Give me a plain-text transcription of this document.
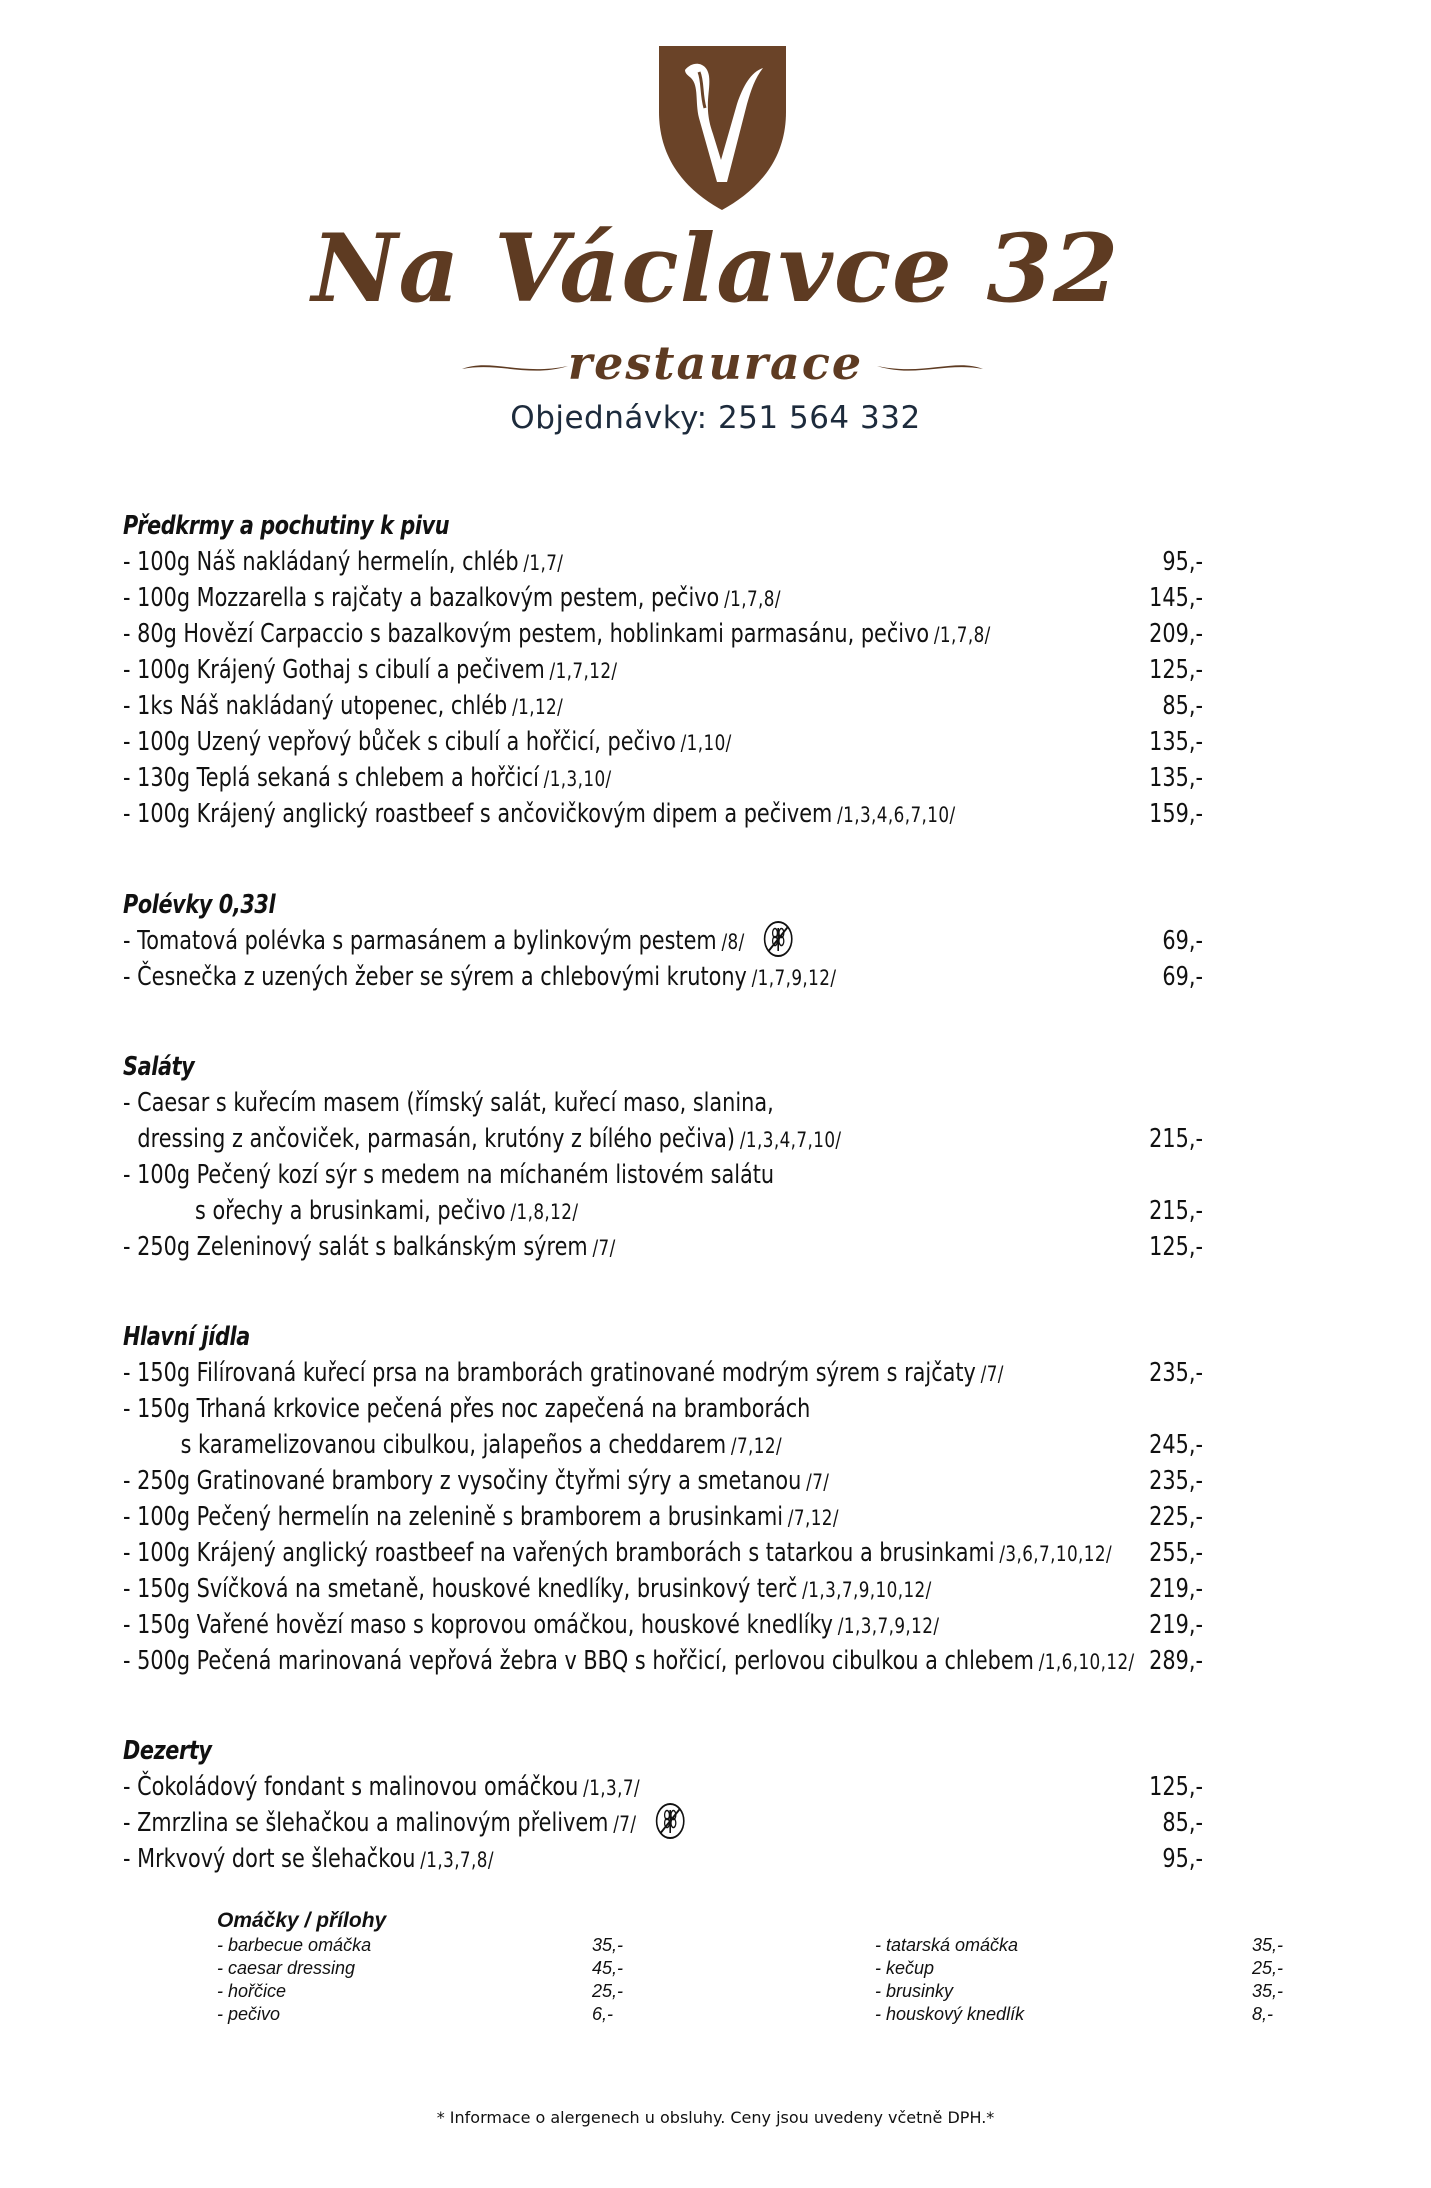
Na Václavce 32
restaurace
Objednávky: 251 564 332
Předkrmy a pochutiny k pivu
- 100g Náš nakládaný hermelín, chléb /1,7/	95,-
- 100g Mozzarella s rajčaty a bazalkovým pestem, pečivo /1,7,8/	145,-
- 80g Hovězí Carpaccio s bazalkovým pestem, hoblinkami parmasánu, pečivo /1,7,8/	209,-
- 100g Krájený Gothaj s cibulí a pečivem /1,7,12/	125,-
- 1ks Náš nakládaný utopenec, chléb /1,12/	85,-
- 100g Uzený vepřový bůček s cibulí a hořčicí, pečivo /1,10/	135,-
- 130g Teplá sekaná s chlebem a hořčicí /1,3,10/	135,-
- 100g Krájený anglický roastbeef s ančovičkovým dipem a pečivem /1,3,4,6,7,10/	159,-
Polévky 0,33l
- Tomatová polévka s parmasánem a bylinkovým pestem /8/	69,-
- Česnečka z uzených žeber se sýrem a chlebovými krutony /1,7,9,12/	69,-
Saláty
- Caesar s kuřecím masem (římský salát, kuřecí maso, slanina,
dressing z ančoviček, parmasán, krutóny z bílého pečiva) /1,3,4,7,10/	215,-
- 100g Pečený kozí sýr s medem na míchaném listovém salátu
s ořechy a brusinkami, pečivo /1,8,12/	215,-
- 250g Zeleninový salát s balkánským sýrem /7/	125,-
Hlavní jídla
- 150g Filírovaná kuřecí prsa na bramborách gratinované modrým sýrem s rajčaty /7/	235,-
- 150g Trhaná krkovice pečená přes noc zapečená na bramborách
s karamelizovanou cibulkou, jalapeños a cheddarem /7,12/	245,-
- 250g Gratinované brambory z vysočiny čtyřmi sýry a smetanou /7/	235,-
- 100g Pečený hermelín na zelenině s bramborem a brusinkami /7,12/	225,-
- 100g Krájený anglický roastbeef na vařených bramborách s tatarkou a brusinkami /3,6,7,10,12/ 255,-
- 150g Svíčková na smetaně, houskové knedlíky, brusinkový terč /1,3,7,9,10,12/	219,-
- 150g Vařené hovězí maso s koprovou omáčkou, houskové knedlíky /1,3,7,9,12/	219,-
- 500g Pečená marinovaná vepřová žebra v BBQ s hořčicí, perlovou cibulkou a chlebem /1,6,10,12/ 289,-
Dezerty
- Čokoládový fondant s malinovou omáčkou /1,3,7/	125,-
- Zmrzlina se šlehačkou a malinovým přelivem /7/	85,-
- Mrkvový dort se šlehačkou /1,3,7,8/	95,-
Omáčky / přílohy
- barbecue omáčka	35,-	- tatarská omáčka	35,-
- caesar dressing	45,-	- kečup	25,-
- hořčice	25,-	- brusinky	35,-
- pečivo	6,-	- houskový knedlík	8,-
* Informace o alergenech u obsluhy. Ceny jsou uvedeny včetně DPH.*
